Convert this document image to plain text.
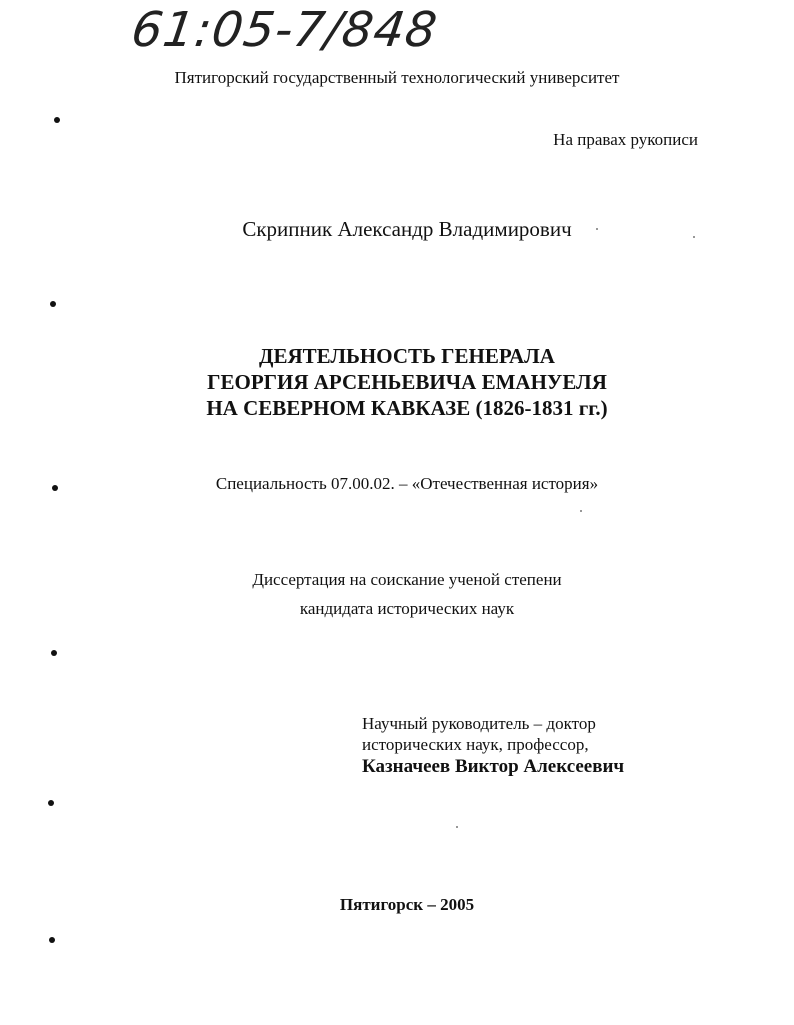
61:05-7/848
Пятигорский государственный технологический университет
На правах рукописи
Скрипник Александр Владимирович
ДЕЯТЕЛЬНОСТЬ ГЕНЕРАЛА
ГЕОРГИЯ АРСЕНЬЕВИЧА ЕМАНУЕЛЯ
НА СЕВЕРНОМ КАВКАЗЕ (1826-1831 гг.)
Специальность 07.00.02. – «Отечественная история»
Диссертация на соискание ученой степени
кандидата исторических наук
Научный руководитель – доктор
исторических наук, профессор,
Казначеев Виктор Алексеевич
Пятигорск – 2005
